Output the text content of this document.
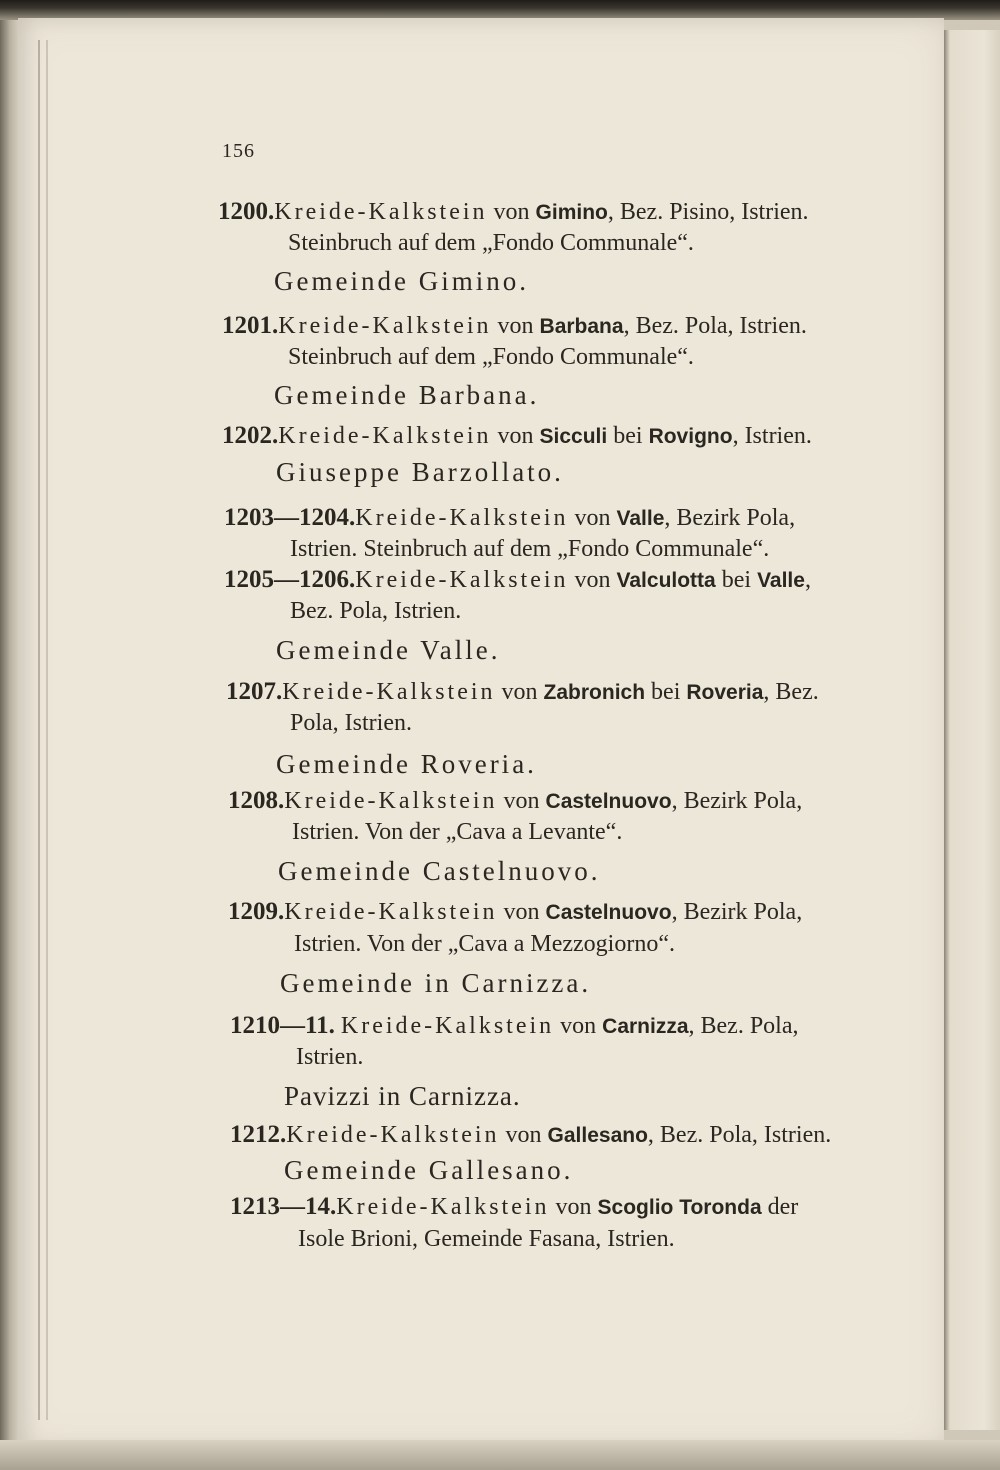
156
1200.Kreide-Kalkstein von Gimino, Bez. Pisino, Istrien.
Steinbruch auf dem „Fondo Communale“.
Gemeinde Gimino.
1201.Kreide-Kalkstein von Barbana, Bez. Pola, Istrien.
Steinbruch auf dem „Fondo Communale“.
Gemeinde Barbana.
1202.Kreide-Kalkstein von Sicculi bei Rovigno, Istrien.
Giuseppe Barzollato.
1203—1204.Kreide-Kalkstein von Valle, Bezirk Pola,
Istrien. Steinbruch auf dem „Fondo Communale“.
1205—1206.Kreide-Kalkstein von Valculotta bei Valle,
Bez. Pola, Istrien.
Gemeinde Valle.
1207.Kreide-Kalkstein von Zabronich bei Roveria, Bez.
Pola, Istrien.
Gemeinde Roveria.
1208.Kreide-Kalkstein von Castelnuovo, Bezirk Pola,
Istrien. Von der „Cava a Levante“.
Gemeinde Castelnuovo.
1209.Kreide-Kalkstein von Castelnuovo, Bezirk Pola,
Istrien. Von der „Cava a Mezzogiorno“.
Gemeinde in Carnizza.
1210—11. Kreide-Kalkstein von Carnizza, Bez. Pola,
Istrien.
Pavizzi in Carnizza.
1212.Kreide-Kalkstein von Gallesano, Bez. Pola, Istrien.
Gemeinde Gallesano.
1213—14.Kreide-Kalkstein von Scoglio Toronda der
Isole Brioni, Gemeinde Fasana, Istrien.
